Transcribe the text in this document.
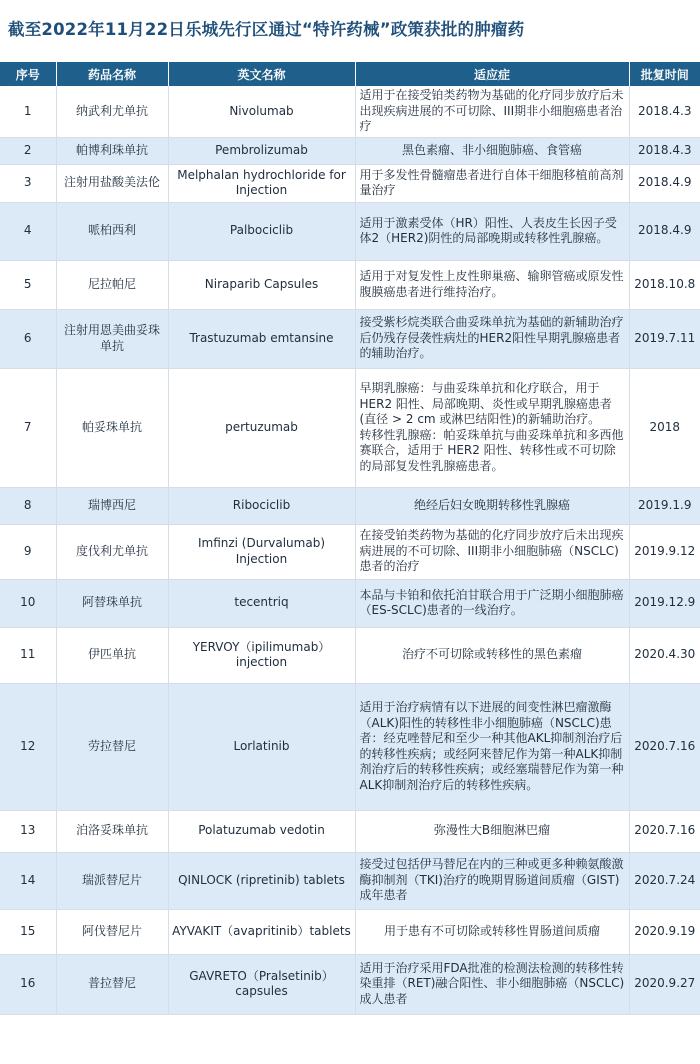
截至2022年11月22日乐城先行区通过“特许药械”政策获批的肿瘤药
序号	药品名称	英文名称	适应症	批复时间
1	纳武利尤单抗	Nivolumab	适用于在接受铂类药物为基础的化疗同步放疗后未出现疾病进展的不可切除、III期非小细胞癌患者治疗	2018.4.3
2	帕博利珠单抗	Pembrolizumab	黑色素瘤、非小细胞肺癌、食管癌	2018.4.3
3	注射用盐酸美法伦	Melphalan hydrochloride for Injection	用于多发性骨髓瘤患者进行自体干细胞移植前高剂量治疗	2018.4.9
4	哌柏西利	Palbociclib	适用于激素受体（HR）阳性、人表皮生长因子受体2（HER2)阴性的局部晚期或转移性乳腺癌。	2018.4.9
5	尼拉帕尼	Niraparib Capsules	适用于对复发性上皮性卵巢癌、输卵管癌或原发性腹膜癌患者进行维持治疗。	2018.10.8
6	注射用恩美曲妥珠单抗	Trastuzumab emtansine	接受紫杉烷类联合曲妥珠单抗为基础的新辅助治疗后仍残存侵袭性病灶的HER2阳性早期乳腺癌患者的辅助治疗。	2019.7.11
7	帕妥珠单抗	pertuzumab	早期乳腺癌：与曲妥珠单抗和化疗联合，用于 HER2 阳性、局部晚期、炎性或早期乳腺癌患者(直径 > 2 cm 或淋巴结阳性)的新辅助治疗。
转移性乳腺癌：帕妥珠单抗与曲妥珠单抗和多西他赛联合，适用于 HER2 阳性、转移性或不可切除的局部复发性乳腺癌患者。	2018
8	瑞博西尼	Ribociclib	绝经后妇女晚期转移性乳腺癌	2019.1.9
9	度伐利尤单抗	Imfinzi (Durvalumab) Injection	在接受铂类药物为基础的化疗同步放疗后未出现疾病进展的不可切除、III期非小细胞肺癌（NSCLC)患者的治疗	2019.9.12
10	阿替珠单抗	tecentriq	本品与卡铂和依托泊甘联合用于广泛期小细胞肺癌（ES-SCLC)患者的一线治疗。	2019.12.9
11	伊匹单抗	YERVOY（ipilimumab）injection	治疗不可切除或转移性的黑色素瘤	2020.4.30
12	劳拉替尼	Lorlatinib	适用于治疗病情有以下进展的间变性淋巴瘤激酶（ALK)阳性的转移性非小细胞肺癌（NSCLC)患者：经克唑替尼和至少一种其他AKL抑制剂治疗后的转移性疾病；或经阿来替尼作为第一种ALK抑制剂治疗后的转移性疾病；或经塞瑞替尼作为第一种ALK抑制剂治疗后的转移性疾病。	2020.7.16
13	泊洛妥珠单抗	Polatuzumab vedotin	弥漫性大B细胞淋巴瘤	2020.7.16
14	瑞派替尼片	QINLOCK (ripretinib) tablets	接受过包括伊马替尼在内的三种或更多种赖氨酸激酶抑制剂（TKI)治疗的晚期胃肠道间质瘤（GIST)成年患者	2020.7.24
15	阿伐替尼片	AYVAKIT（avapritinib）tablets	用于患有不可切除或转移性胃肠道间质瘤	2020.9.19
16	普拉替尼	GAVRETO（Pralsetinib）capsules	适用于治疗采用FDA批准的检测法检测的转移性转染重排（RET)融合阳性、非小细胞肺癌（NSCLC)成人患者	2020.9.27
